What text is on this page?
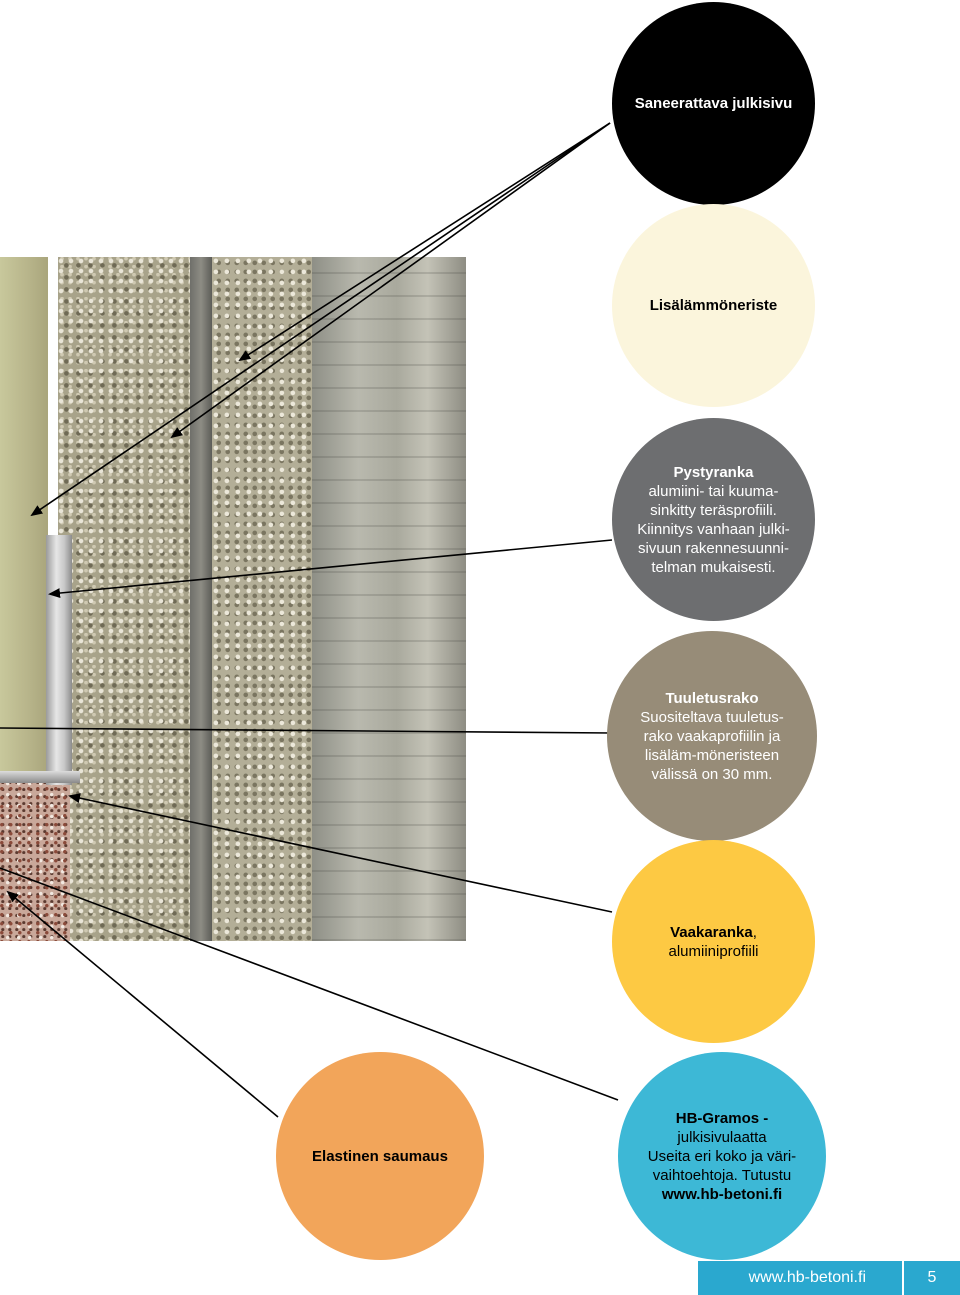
Saneerattava julkisivu
Lisälämmöneriste
Pystyranka
alumiini- tai kuuma-sinkitty teräsprofiili. Kiinnitys vanhaan julki-sivuun rakennesuunni-telman mukaisesti.
Tuuletusrako
Suositeltava tuuletus-rako vaakaprofiilin ja lisäläm-möneristeen välissä on 30 mm.
Vaakaranka, alumiiniprofiili
Elastinen saumaus
HB-Gramos -
julkisivulaatta
Useita eri koko ja väri-
vaihtoehtoja. Tutustu
www.hb-betoni.fi
www.hb-betoni.fi	5
